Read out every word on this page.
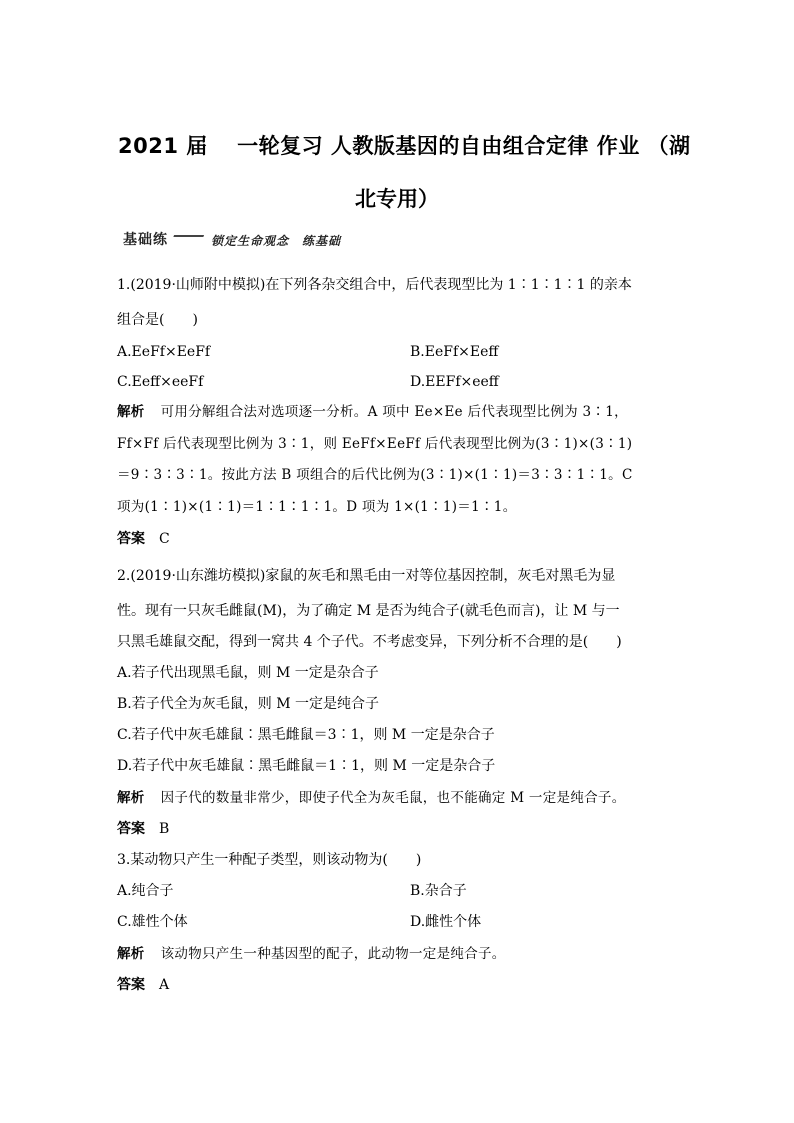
2021 届　 一轮复习 人教版基因的自由组合定律 作业 （湖
北专用）
基础练	锁定生命观念　练基础
1.(2019·山师附中模拟)在下列各杂交组合中，后代表现型比为 1∶1∶1∶1 的亲本
组合是(　　)
A.EeFf×EeFf	B.EeFf×Eeff
C.Eeff×eeFf	D.EEFf×eeff
解析 可用分解组合法对选项逐一分析。A 项中 Ee×Ee 后代表现型比例为 3∶1，
Ff×Ff 后代表现型比例为 3∶1，则 EeFf×EeFf 后代表现型比例为(3∶1)×(3∶1)
＝9∶3∶3∶1。按此方法 B 项组合的后代比例为(3∶1)×(1∶1)＝3∶3∶1∶1。C
项为(1∶1)×(1∶1)＝1∶1∶1∶1。D 项为 1×(1∶1)＝1∶1。
答案 C
2.(2019·山东潍坊模拟)家鼠的灰毛和黑毛由一对等位基因控制，灰毛对黑毛为显
性。现有一只灰毛雌鼠(M)，为了确定 M 是否为纯合子(就毛色而言)，让 M 与一
只黑毛雄鼠交配，得到一窝共 4 个子代。不考虑变异，下列分析不合理的是(　　)
A.若子代出现黑毛鼠，则 M 一定是杂合子
B.若子代全为灰毛鼠，则 M 一定是纯合子
C.若子代中灰毛雄鼠∶黑毛雌鼠＝3∶1，则 M 一定是杂合子
D.若子代中灰毛雄鼠∶黑毛雌鼠＝1∶1，则 M 一定是杂合子
解析 因子代的数量非常少，即使子代全为灰毛鼠，也不能确定 M 一定是纯合子。
答案 B
3.某动物只产生一种配子类型，则该动物为(　　)
A.纯合子	B.杂合子
C.雄性个体	D.雌性个体
解析 该动物只产生一种基因型的配子，此动物一定是纯合子。
答案 A
